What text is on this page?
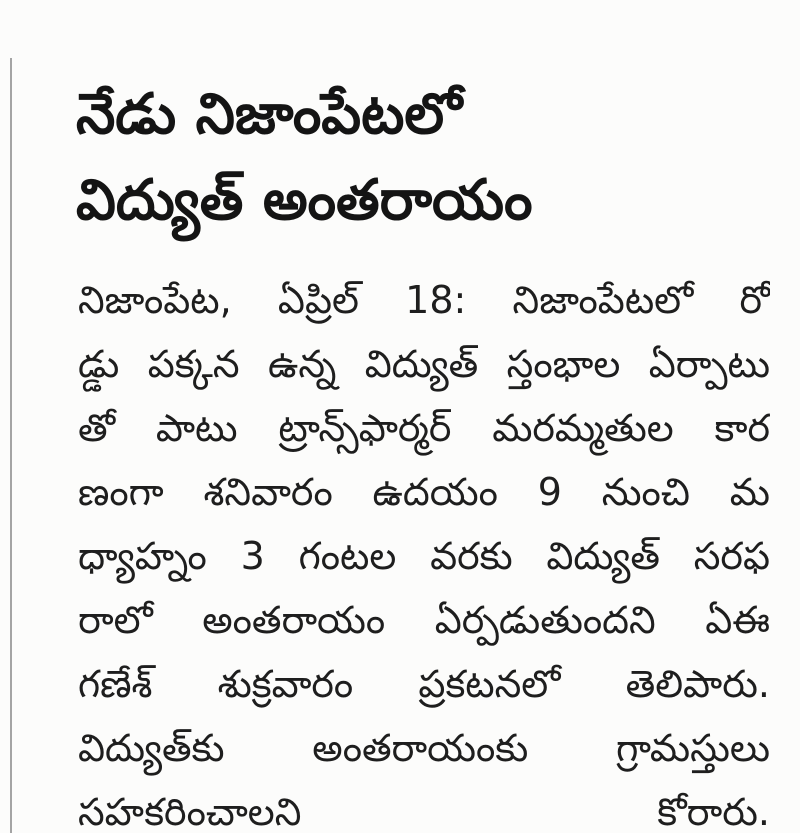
నేడు నిజాంపేటలో
విద్యుత్ అంతరాయం
నిజాంపేట, ఏప్రిల్ 18: నిజాంపేటలో రో
డ్డు పక్కన ఉన్న విద్యుత్ స్తంభాల ఏర్పాటు
తో పాటు ట్రాన్స్‌ఫార్మర్ మరమ్మతుల కార
ణంగా శనివారం ఉదయం 9 నుంచి మ
ధ్యాహ్నం 3 గంటల వరకు విద్యుత్ సరఫ
రాలో అంతరాయం ఏర్పడుతుందని ఏఈ
గణేశ్ శుక్రవారం ప్రకటనలో తెలిపారు.
విద్యుత్‌కు అంతరాయంకు గ్రామస్తులు
సహకరించాలని కోరారు.
